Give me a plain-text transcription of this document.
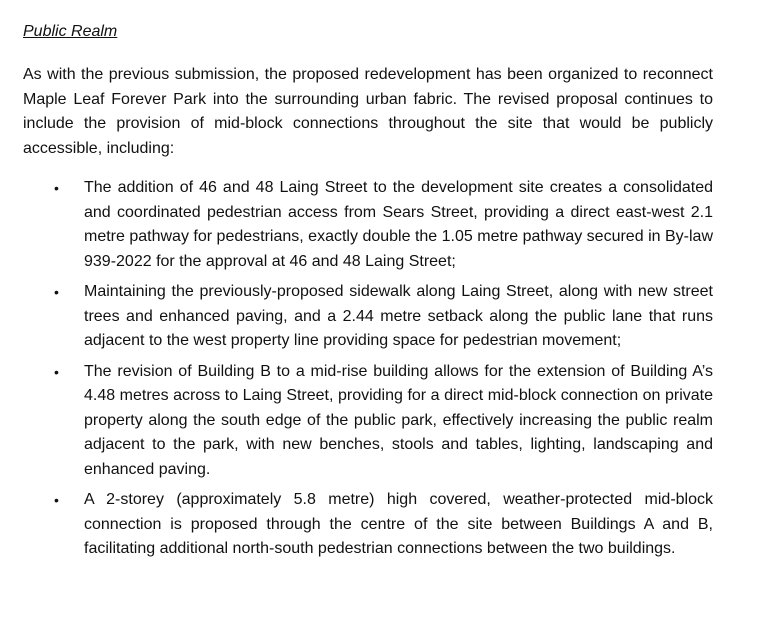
Public Realm

As with the previous submission, the proposed redevelopment has been organized to reconnect Maple Leaf Forever Park into the surrounding urban fabric. The revised proposal continues to include the provision of mid-block connections throughout the site that would be publicly accessible, including:

• The addition of 46 and 48 Laing Street to the development site creates a consolidated and coordinated pedestrian access from Sears Street, providing a direct east-west 2.1 metre pathway for pedestrians, exactly double the 1.05 metre pathway secured in By-law 939-2022 for the approval at 46 and 48 Laing Street;
• Maintaining the previously-proposed sidewalk along Laing Street, along with new street trees and enhanced paving, and a 2.44 metre setback along the public lane that runs adjacent to the west property line providing space for pedestrian movement;
• The revision of Building B to a mid-rise building allows for the extension of Building A’s 4.48 metres across to Laing Street, providing for a direct mid-block connection on private property along the south edge of the public park, effectively increasing the public realm adjacent to the park, with new benches, stools and tables, lighting, landscaping and enhanced paving.
• A 2-storey (approximately 5.8 metre) high covered, weather-protected mid-block connection is proposed through the centre of the site between Buildings A and B, facilitating additional north-south pedestrian connections between the two buildings.
